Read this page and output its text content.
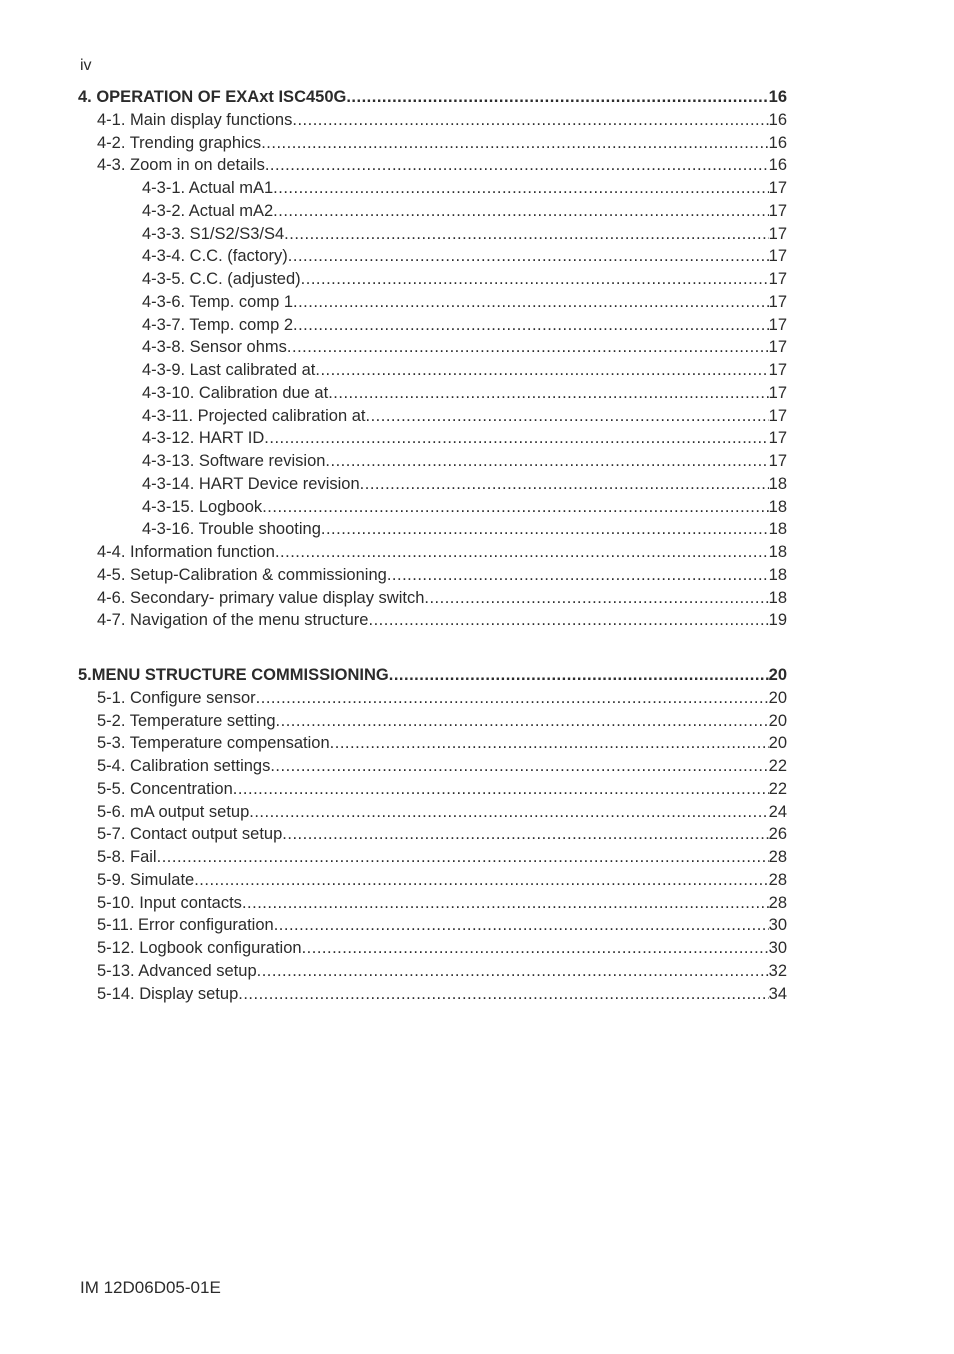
iv
4. OPERATION OF EXAxt ISC450G .....	16
4-1. Main display functions .....	16
4-2. Trending graphics .....	16
4-3. Zoom in on details .....	16
4-3-1. Actual mA1 .....	17
4-3-2. Actual mA2 .....	17
4-3-3. S1/S2/S3/S4 .....	17
4-3-4. C.C. (factory) .....	17
4-3-5. C.C. (adjusted) .....	17
4-3-6. Temp. comp 1 .....	17
4-3-7. Temp. comp 2 .....	17
4-3-8. Sensor ohms .....	17
4-3-9. Last calibrated at .....	17
4-3-10. Calibration due at .....	17
4-3-11. Projected calibration at .....	17
4-3-12. HART ID .....	17
4-3-13. Software revision .....	17
4-3-14. HART Device revision .....	18
4-3-15. Logbook .....	18
4-3-16. Trouble shooting .....	18
4-4. Information function .....	18
4-5. Setup-Calibration & commissioning .....	18
4-6. Secondary- primary value display switch .....	18
4-7. Navigation of the menu structure .....	19
5.MENU STRUCTURE COMMISSIONING .....	20
5-1. Configure sensor .....	20
5-2. Temperature setting .....	20
5-3. Temperature compensation .....	20
5-4. Calibration settings .....	22
5-5. Concentration .....	22
5-6. mA output setup .....	24
5-7. Contact output setup .....	26
5-8. Fail .....	28
5-9. Simulate .....	28
5-10. Input contacts .....	28
5-11. Error configuration .....	30
5-12. Logbook configuration .....	30
5-13. Advanced setup .....	32
5-14. Display setup .....	34
IM 12D06D05-01E
